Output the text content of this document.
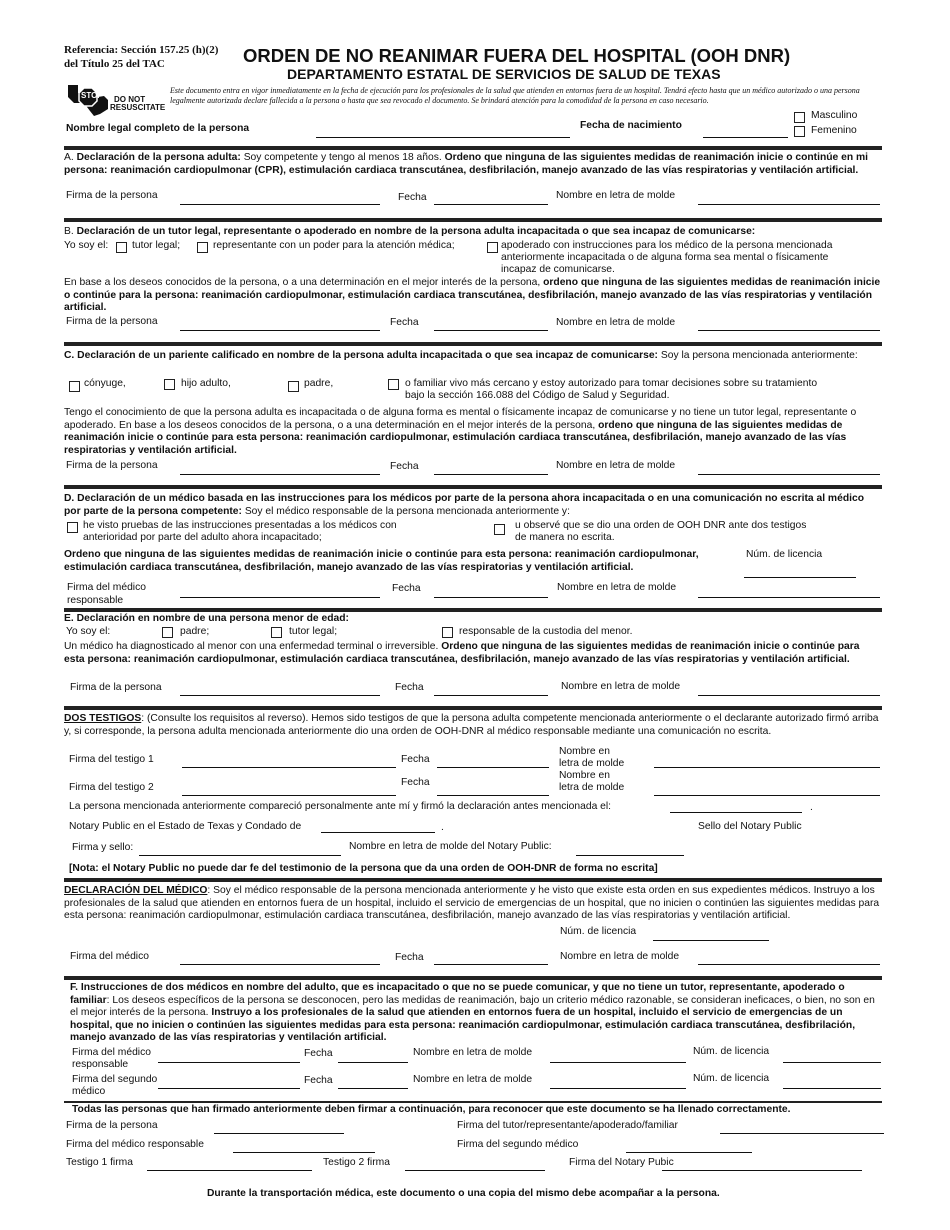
Referencia: Sección 157.25 (h)(2) del Título 25 del TAC	ORDEN DE NO REANIMAR FUERA DEL HOSPITAL (OOH DNR)
DEPARTAMENTO ESTATAL DE SERVICIOS DE SALUD DE TEXAS
STOP DO NOT
RESUSCITATE
Este documento entra en vigor inmediatamente en la fecha de ejecución para los profesionales de la salud que atienden en entornos fuera de un hospital. Tendrá efecto hasta que un médico autorizado o una persona legalmente autorizada declare fallecida a la persona o hasta que sea revocado el documento. Se brindará atención para la comodidad de la persona en caso necesario.
Nombre legal completo de la persona	Fecha de nacimiento
Masculino
Femenino
A. Declaración de la persona adulta: Soy competente y tengo al menos 18 años. Ordeno que ninguna de las siguientes medidas de reanimación inicie o continúe en mi persona: reanimación cardiopulmonar (CPR), estimulación cardiaca transcutánea, desfibrilación, manejo avanzado de las vías respiratorias y ventilación artificial.
Firma de la persona	Fecha	Nombre en letra de molde
B. Declaración de un tutor legal, representante o apoderado en nombre de la persona adulta incapacitada o que sea incapaz de comunicarse:
Yo soy el: tutor legal;	representante con un poder para la atención médica;	apoderado con instrucciones para los médico de la persona mencionada
anteriormente incapacitada o de alguna forma sea mental o físicamente
incapaz de comunicarse.
En base a los deseos conocidos de la persona, o a una determinación en el mejor interés de la persona, ordeno que ninguna de las siguientes medidas de reanimación inicie o continúe para la persona: reanimación cardiopulmonar, estimulación cardiaca transcutánea, desfibrilación, manejo avanzado de las vías respiratorias y ventilación artificial.
Firma de la persona	Fecha	Nombre en letra de molde
C. Declaración de un pariente calificado en nombre de la persona adulta incapacitada o que sea incapaz de comunicarse: Soy la persona mencionada anteriormente:
cónyuge,	hijo adulto,	padre,	o familiar vivo más cercano y estoy autorizado para tomar decisiones sobre su tratamiento
bajo la sección 166.088 del Código de Salud y Seguridad.
Tengo el conocimiento de que la persona adulta es incapacitada o de alguna forma es mental o físicamente incapaz de comunicarse y no tiene un tutor legal, representante o apoderado. En base a los deseos conocidos de la persona, o a una determinación en el mejor interés de la persona, ordeno que ninguna de las siguientes medidas de reanimación inicie o continúe para esta persona: reanimación cardiopulmonar, estimulación cardiaca transcutánea, desfibrilación, manejo avanzado de las vías respiratorias y ventilación artificial.
Firma de la persona	Fecha	Nombre en letra de molde
D. Declaración de un médico basada en las instrucciones para los médicos por parte de la persona ahora incapacitada o en una comunicación no escrita al médico por parte de la persona competente: Soy el médico responsable de la persona mencionada anteriormente y:
he visto pruebas de las instrucciones presentadas a los médicos con
anterioridad por parte del adulto ahora incapacitado;
u observé que se dio una orden de OOH DNR ante dos testigos
de manera no escrita.
Ordeno que ninguna de las siguientes medidas de reanimación inicie o continúe para esta persona: reanimación cardiopulmonar, estimulación cardiaca transcutánea, desfibrilación, manejo avanzado de las vías respiratorias y ventilación artificial.
Núm. de licencia
Firma del médico
responsable
Fecha	Nombre en letra de molde
E. Declaración en nombre de una persona menor de edad:
Yo soy el:	padre;	tutor legal;	responsable de la custodia del menor.
Un médico ha diagnosticado al menor con una enfermedad terminal o irreversible. Ordeno que ninguna de las siguientes medidas de reanimación inicie o continúe para esta persona: reanimación cardiopulmonar, estimulación cardiaca transcutánea, desfibrilación, manejo avanzado de las vías respiratorias y ventilación artificial.
Firma de la persona	Fecha	Nombre en letra de molde
DOS TESTIGOS: (Consulte los requisitos al reverso). Hemos sido testigos de que la persona adulta competente mencionada anteriormente o el declarante autorizado firmó arriba y, si corresponde, la persona adulta mencionada anteriormente dio una orden de OOH-DNR al médico responsable mediante una comunicación no escrita.
Firma del testigo 1	Fecha
Nombre en
letra de molde
Firma del testigo 2	Fecha
Nombre en
letra de molde
La persona mencionada anteriormente compareció personalmente ante mí y firmó la declaración antes mencionada el:	.
Notary Public en el Estado de Texas y Condado de	.	Sello del Notary Public
Firma y sello:	Nombre en letra de molde del Notary Public:
[Nota: el Notary Public no puede dar fe del testimonio de la persona que da una orden de OOH-DNR de forma no escrita]
DECLARACIÓN DEL MÉDICO: Soy el médico responsable de la persona mencionada anteriormente y he visto que existe esta orden en sus expedientes médicos. Instruyo a los profesionales de la salud que atienden en entornos fuera de un hospital, incluido el servicio de emergencias de un hospital, que no inicien o continúen las siguientes medidas para esta persona: reanimación cardiopulmonar, estimulación cardiaca transcutánea, desfibrilación, manejo avanzado de las vías respiratorias y ventilación artificial.
Núm. de licencia
Firma del médico	Fecha	Nombre en letra de molde
F. Instrucciones de dos médicos en nombre del adulto, que es incapacitado o que no se puede comunicar, y que no tiene un tutor, representante, apoderado o familiar: Los deseos específicos de la persona se desconocen, pero las medidas de reanimación, bajo un criterio médico razonable, se consideran ineficaces, o bien, no son en el mejor interés de la persona. Instruyo a los profesionales de la salud que atienden en entornos fuera de un hospital, incluido el servicio de emergencias de un hospital, que no inicien o continúen las siguientes medidas para esta persona: reanimación cardiopulmonar, estimulación cardiaca transcutánea, desfibrilación, manejo avanzado de las vías respiratorias y ventilación artificial.
Firma del médico
responsable
Fecha	Nombre en letra de molde	Núm. de licencia
Firma del segundo
médico
Fecha	Nombre en letra de molde	Núm. de licencia
Todas las personas que han firmado anteriormente deben firmar a continuación, para reconocer que este documento se ha llenado correctamente.
Firma de la persona	Firma del tutor/representante/apoderado/familiar
Firma del médico responsable	Firma del segundo médico
Testigo 1 firma	Testigo 2 firma	Firma del Notary Pubic
Durante la transportación médica, este documento o una copia del mismo debe acompañar a la persona.
